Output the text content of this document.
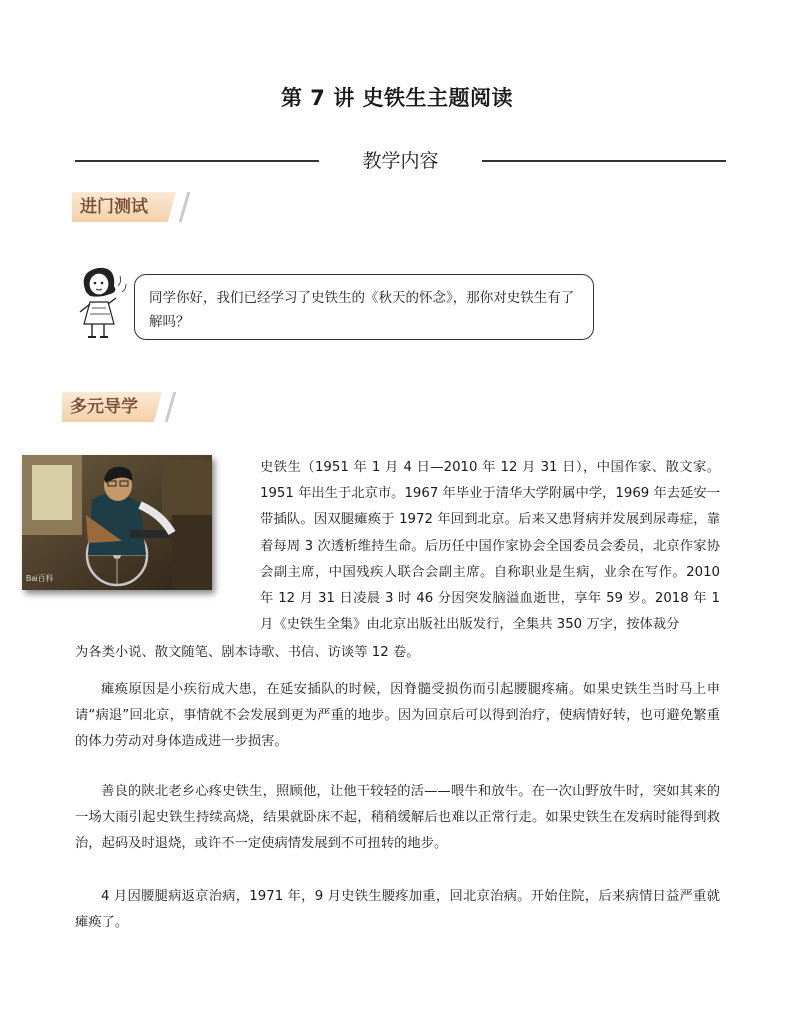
第 7 讲 史铁生主题阅读
教学内容
进门测试
同学你好，我们已经学习了史铁生的《秋天的怀念》，那你对史铁生有了解吗？
多元导学
Bai百科
史铁生（1951 年 1 月 4 日—2010 年 12 月 31 日），中国作家、散文家。1951 年出生于北京市。1967 年毕业于清华大学附属中学，1969 年去延安一带插队。因双腿瘫痪于 1972 年回到北京。后来又患肾病并发展到尿毒症，靠着每周 3 次透析维持生命。后历任中国作家协会全国委员会委员，北京作家协会副主席，中国残疾人联合会副主席。自称职业是生病，业余在写作。2010 年 12 月 31 日凌晨 3 时 46 分因突发脑溢血逝世，享年 59 岁。2018 年 1 月《史铁生全集》由北京出版社出版发行，全集共 350 万字，按体裁分
为各类小说、散文随笔、剧本诗歌、书信、访谈等 12 卷。
瘫痪原因是小疾衍成大患，在延安插队的时候，因脊髓受损伤而引起腰腿疼痛。如果史铁生当时马上申请“病退”回北京，事情就不会发展到更为严重的地步。因为回京后可以得到治疗，使病情好转，也可避免繁重的体力劳动对身体造成进一步损害。
善良的陕北老乡心疼史铁生，照顾他，让他干较轻的活——喂牛和放牛。在一次山野放牛时，突如其来的一场大雨引起史铁生持续高烧，结果就卧床不起，稍稍缓解后也难以正常行走。如果史铁生在发病时能得到救治，起码及时退烧，或许不一定使病情发展到不可扭转的地步。
4 月因腰腿病返京治病，1971 年，9 月史铁生腰疼加重，回北京治病。开始住院，后来病情日益严重就瘫痪了。
